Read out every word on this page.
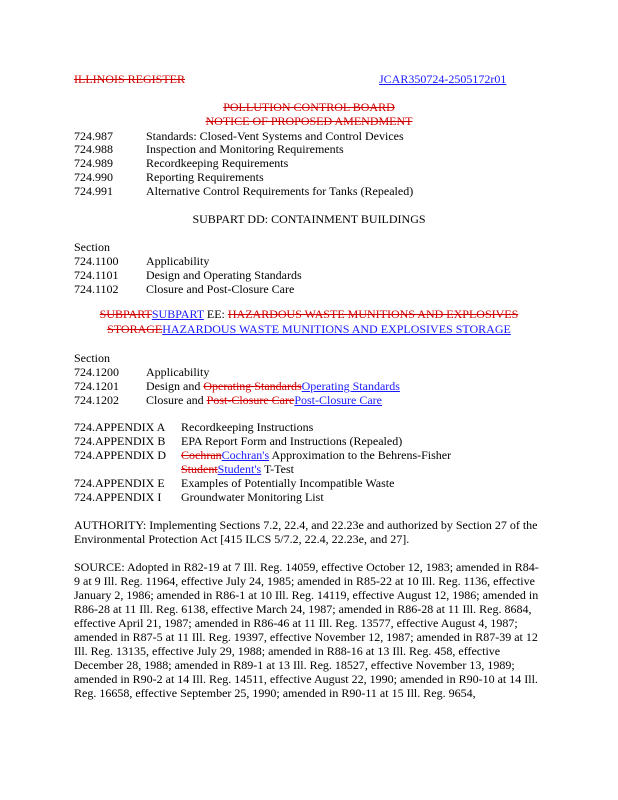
ILLINOIS REGISTER	JCAR350724-2505172r01
POLLUTION CONTROL BOARD
NOTICE OF PROPOSED AMENDMENT
724.987	Standards: Closed-Vent Systems and Control Devices
724.988	Inspection and Monitoring Requirements
724.989	Recordkeeping Requirements
724.990	Reporting Requirements
724.991	Alternative Control Requirements for Tanks (Repealed)
SUBPART DD: CONTAINMENT BUILDINGS
Section
724.1100 Applicability
724.1101 Design and Operating Standards
724.1102 Closure and Post-Closure Care
SUBPARTSUBPART EE: HAZARDOUS WASTE MUNITIONS AND EXPLOSIVES
STORAGEHAZARDOUS WASTE MUNITIONS AND EXPLOSIVES STORAGE
Section
724.1200 Applicability
724.1201 Design and Operating StandardsOperating Standards
724.1202 Closure and Post-Closure CarePost-Closure Care
724.APPENDIX A Recordkeeping Instructions
724.APPENDIX B EPA Report Form and Instructions (Repealed)
724.APPENDIX D CochranCochran's Approximation to the Behrens-Fisher
StudentStudent's T-Test
724.APPENDIX E Examples of Potentially Incompatible Waste
724.APPENDIX I Groundwater Monitoring List
AUTHORITY: Implementing Sections 7.2, 22.4, and 22.23e and authorized by Section 27 of the Environmental Protection Act [415 ILCS 5/7.2, 22.4, 22.23e, and 27].
SOURCE: Adopted in R82-19 at 7 Ill. Reg. 14059, effective October 12, 1983; amended in R84-9 at 9 Ill. Reg. 11964, effective July 24, 1985; amended in R85-22 at 10 Ill. Reg. 1136, effective January 2, 1986; amended in R86-1 at 10 Ill. Reg. 14119, effective August 12, 1986; amended in R86-28 at 11 Ill. Reg. 6138, effective March 24, 1987; amended in R86-28 at 11 Ill. Reg. 8684, effective April 21, 1987; amended in R86-46 at 11 Ill. Reg. 13577, effective August 4, 1987; amended in R87-5 at 11 Ill. Reg. 19397, effective November 12, 1987; amended in R87-39 at 12 Ill. Reg. 13135, effective July 29, 1988; amended in R88-16 at 13 Ill. Reg. 458, effective December 28, 1988; amended in R89-1 at 13 Ill. Reg. 18527, effective November 13, 1989; amended in R90-2 at 14 Ill. Reg. 14511, effective August 22, 1990; amended in R90-10 at 14 Ill. Reg. 16658, effective September 25, 1990; amended in R90-11 at 15 Ill. Reg. 9654,
